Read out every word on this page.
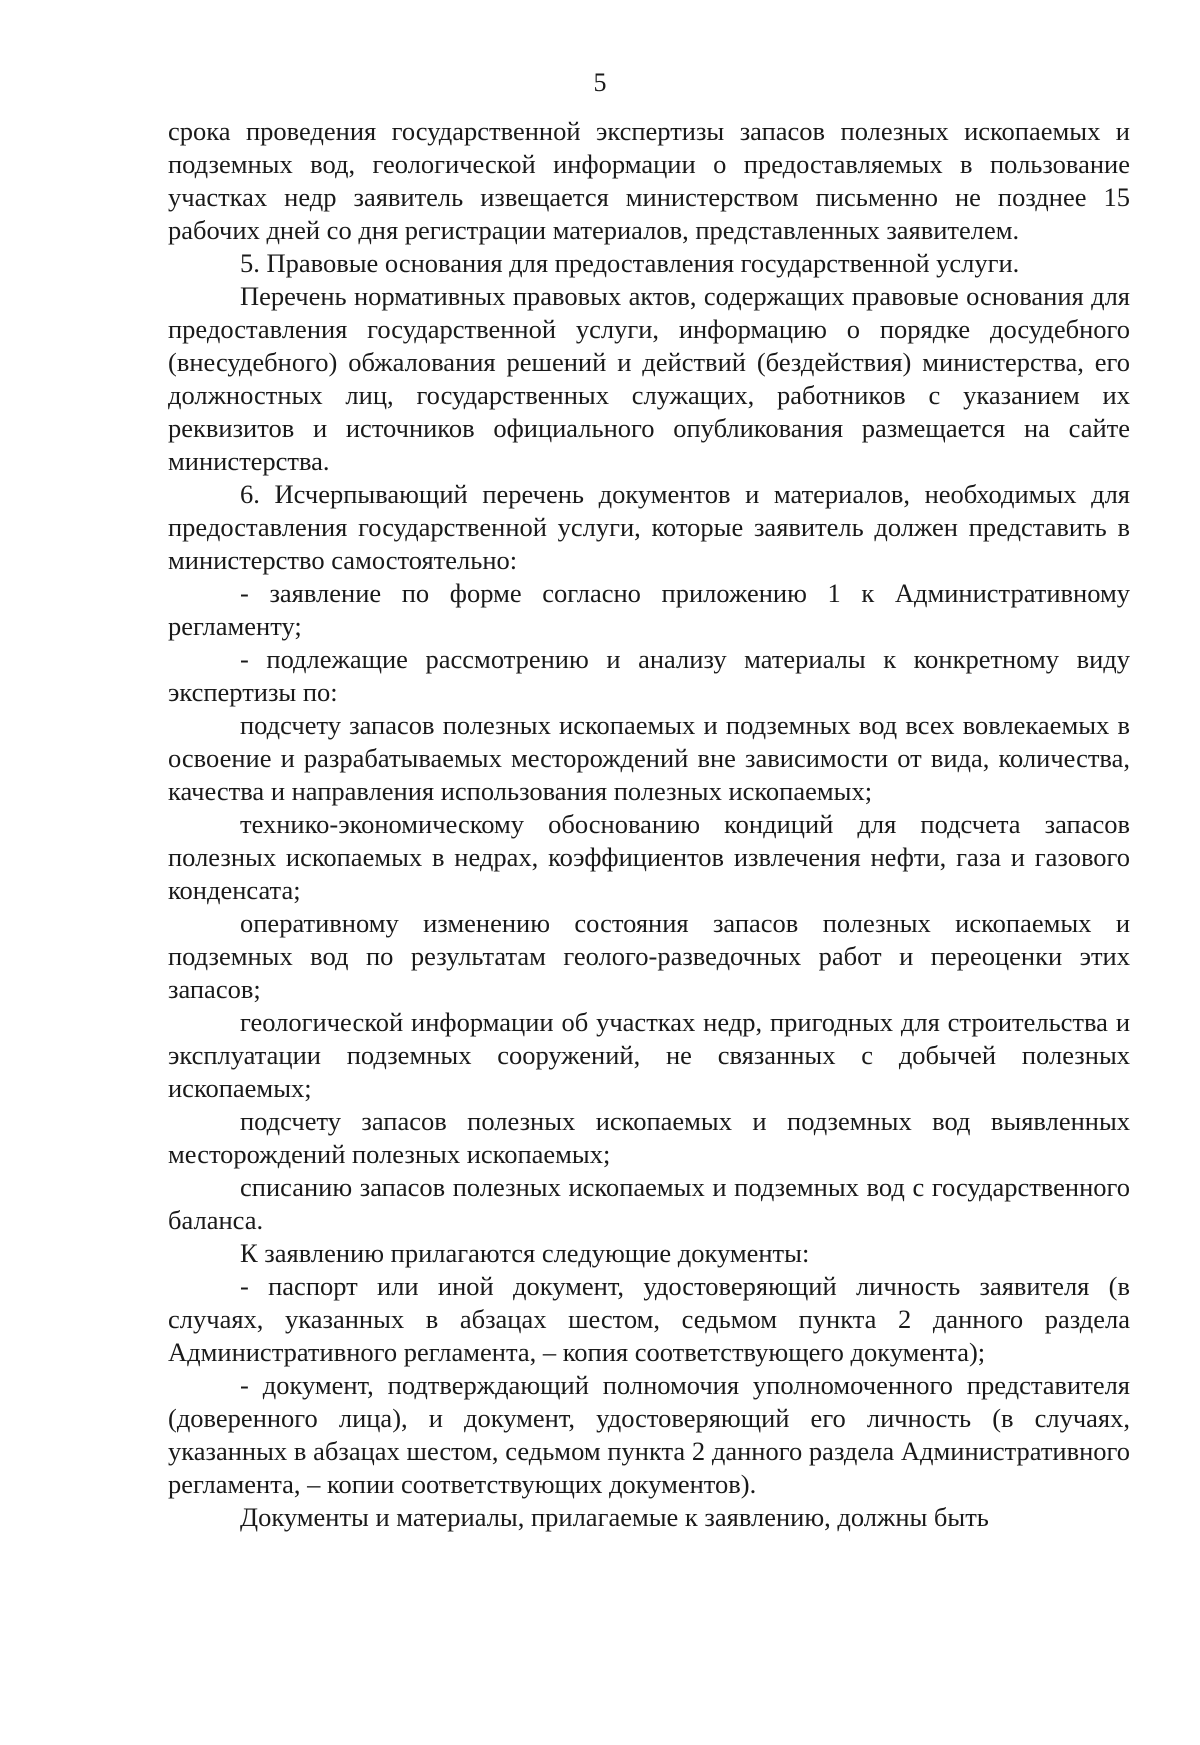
5

срока проведения государственной экспертизы запасов полезных ископаемых и подземных вод, геологической информации о предоставляемых в пользование участках недр заявитель извещается министерством письменно не позднее 15 рабочих дней со дня регистрации материалов, представленных заявителем.

5. Правовые основания для предоставления государственной услуги.

Перечень нормативных правовых актов, содержащих правовые основания для предоставления государственной услуги, информацию о порядке досудебного (внесудебного) обжалования решений и действий (бездействия) министерства, его должностных лиц, государственных служащих, работников с указанием их реквизитов и источников официального опубликования размещается на сайте министерства.

6. Исчерпывающий перечень документов и материалов, необходимых для предоставления государственной услуги, которые заявитель должен представить в министерство самостоятельно:

- заявление по форме согласно приложению 1 к Административному регламенту;

- подлежащие рассмотрению и анализу материалы к конкретному виду экспертизы по:

подсчету запасов полезных ископаемых и подземных вод всех вовлекаемых в освоение и разрабатываемых месторождений вне зависимости от вида, количества, качества и направления использования полезных ископаемых;

технико-экономическому обоснованию кондиций для подсчета запасов полезных ископаемых в недрах, коэффициентов извлечения нефти, газа и газового конденсата;

оперативному изменению состояния запасов полезных ископаемых и подземных вод по результатам геолого-разведочных работ и переоценки этих запасов;

геологической информации об участках недр, пригодных для строительства и эксплуатации подземных сооружений, не связанных с добычей полезных ископаемых;

подсчету запасов полезных ископаемых и подземных вод выявленных месторождений полезных ископаемых;

списанию запасов полезных ископаемых и подземных вод с государственного баланса.

К заявлению прилагаются следующие документы:

- паспорт или иной документ, удостоверяющий личность заявителя (в случаях, указанных в абзацах шестом, седьмом пункта 2 данного раздела Административного регламента, – копия соответствующего документа);

- документ, подтверждающий полномочия уполномоченного представителя (доверенного лица), и документ, удостоверяющий его личность (в случаях, указанных в абзацах шестом, седьмом пункта 2 данного раздела Административного регламента, – копии соответствующих документов).

Документы и материалы, прилагаемые к заявлению, должны быть
